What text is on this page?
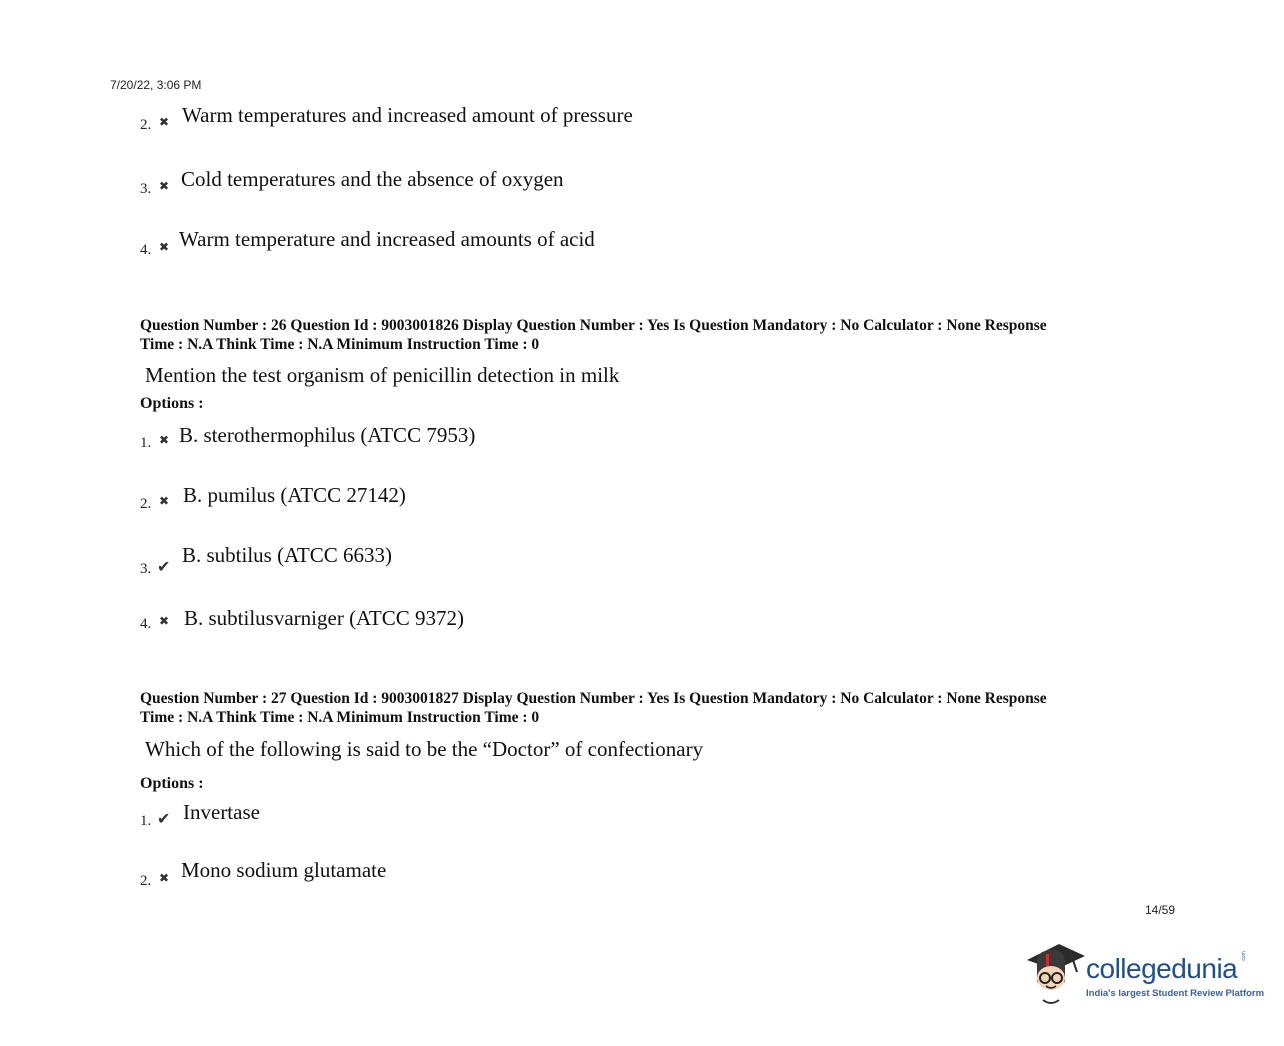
7/20/22, 3:06 PM
2. ✖ Warm temperatures and increased amount of pressure
3. ✖ Cold temperatures and the absence of oxygen
4. ✖ Warm temperature and increased amounts of acid
Question Number : 26 Question Id : 9003001826 Display Question Number : Yes Is Question Mandatory : No Calculator : None Response
Time : N.A Think Time : N.A Minimum Instruction Time : 0
Mention the test organism of penicillin detection in milk
Options :
1. ✖ B. sterothermophilus (ATCC 7953)
2. ✖ B. pumilus (ATCC 27142)
3. ✔ B. subtilus (ATCC 6633)
4. ✖ B. subtilusvarniger (ATCC 9372)
Question Number : 27 Question Id : 9003001827 Display Question Number : Yes Is Question Mandatory : No Calculator : None Response
Time : N.A Think Time : N.A Minimum Instruction Time : 0
Which of the following is said to be the “Doctor” of confectionary
Options :
1. ✔ Invertase
2. ✖ Mono sodium glutamate
14/59
collegedunia .com
India's largest Student Review Platform
